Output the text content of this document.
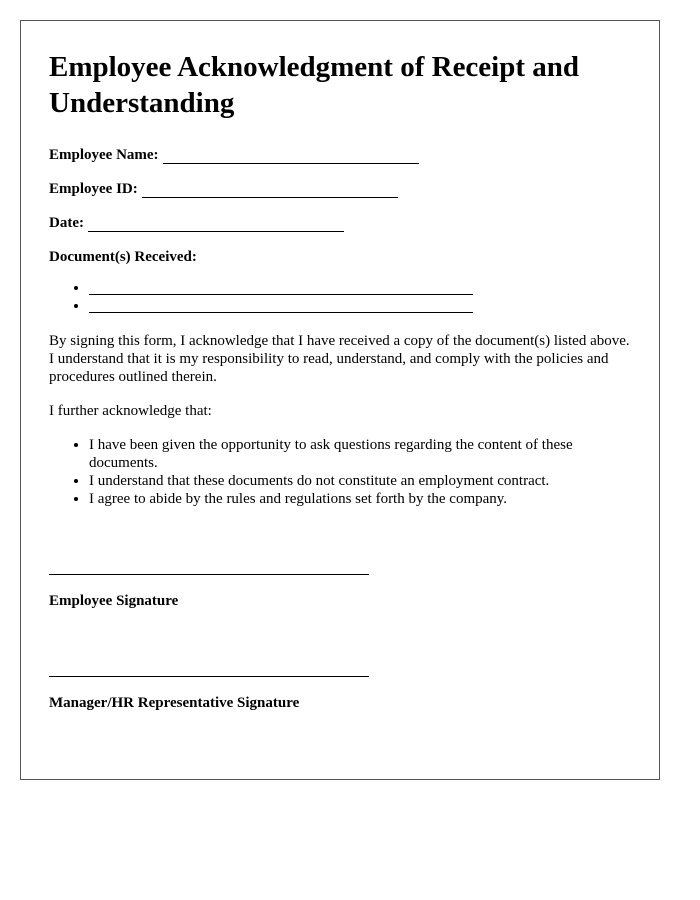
Employee Acknowledgment of Receipt and Understanding
Employee Name:
Employee ID:
Date:
Document(s) Received:
•
•

By signing this form, I acknowledge that I have received a copy of the document(s) listed above. I understand that it is my responsibility to read, understand, and comply with the policies and procedures outlined therein.

I further acknowledge that:

• I have been given the opportunity to ask questions regarding the content of these documents.
• I understand that these documents do not constitute an employment contract.
• I agree to abide by the rules and regulations set forth by the company.
Employee Signature
Manager/HR Representative Signature
